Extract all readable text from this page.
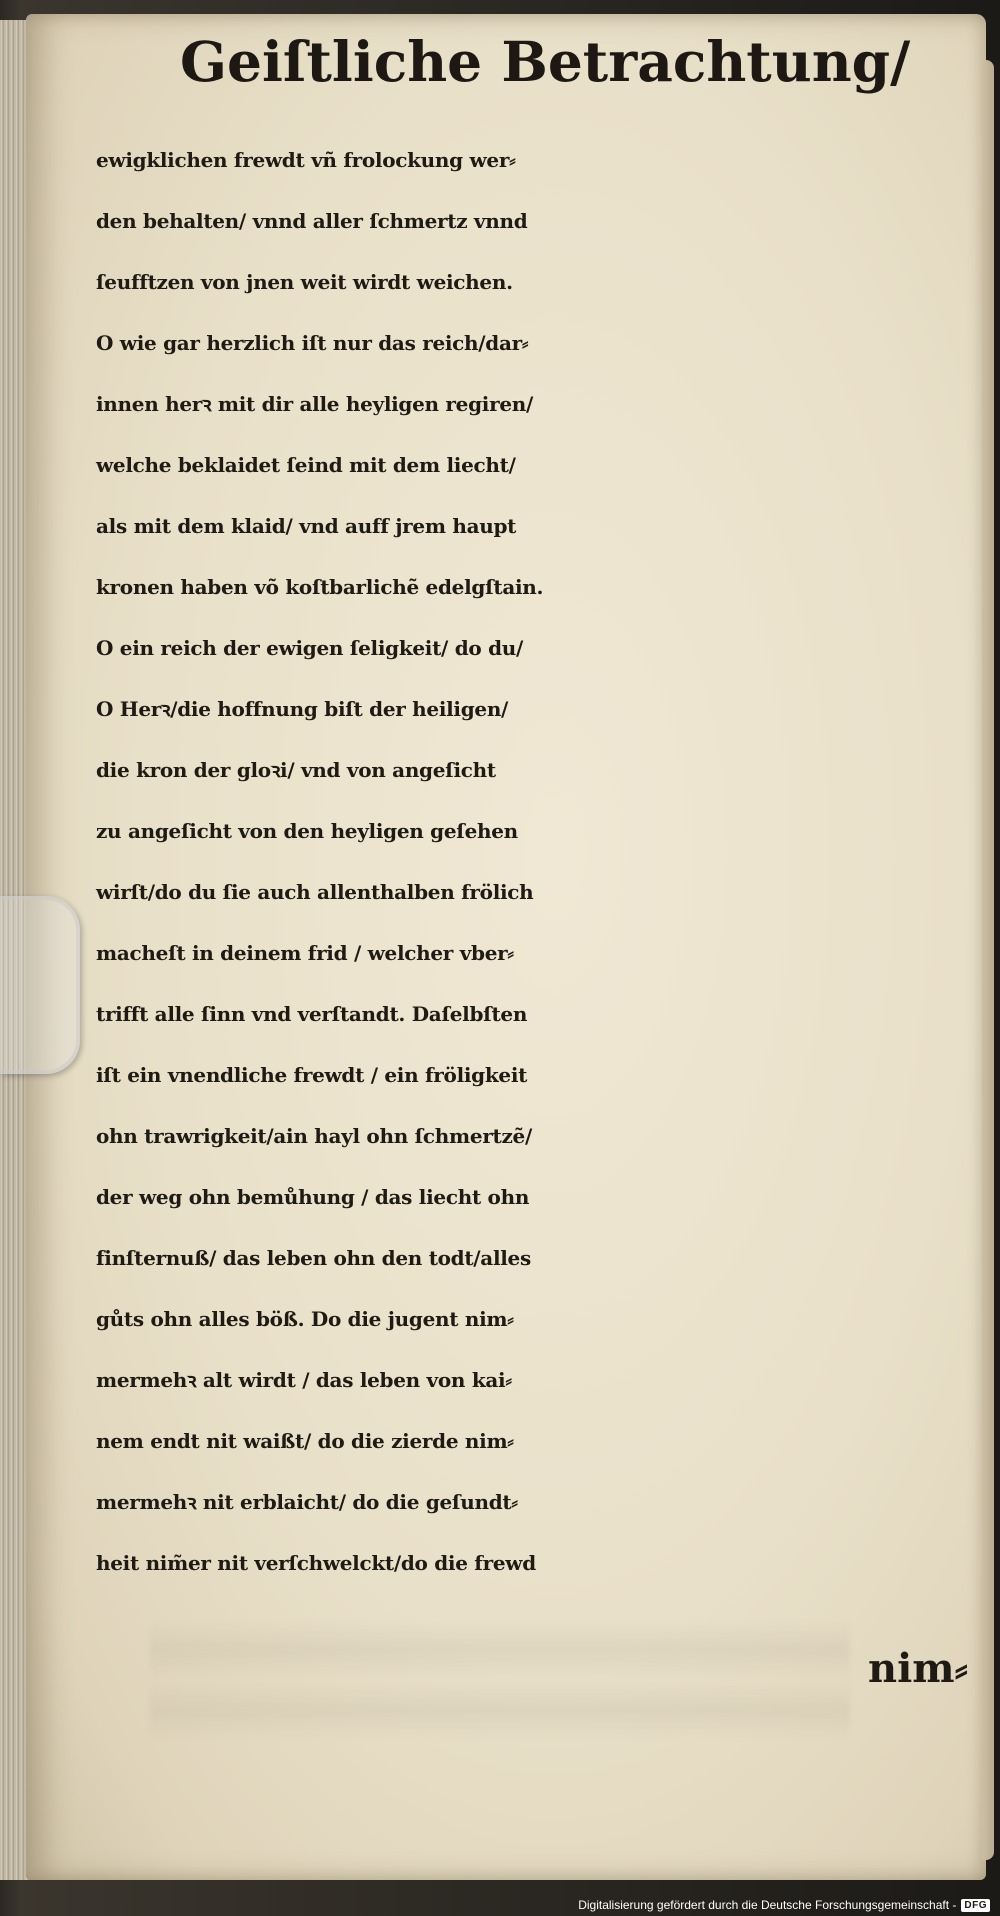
Geiſtliche Betrachtung/
ewigklichen frewdt vñ frolockung wer⸗
den behalten/ vnnd aller ſchmertz vnnd
ſeufftzen von jnen weit wirdt weichen.
O wie gar herzlich iſt nur das reich/dar⸗
innen herꝛ mit dir alle heyligen regiren/
welche beklaidet ſeind mit dem liecht/
als mit dem klaid/ vnd auff jrem haupt
kronen haben võ koſtbarlichẽ edelgſtain.
O ein reich der ewigen ſeligkeit/ do du/
O Herꝛ/die hoffnung biſt der heiligen/
die kron der gloꝛi/ vnd von angeſicht
zu angeſicht von den heyligen geſehen
wirſt/do du ſie auch allenthalben frölich
macheſt in deinem frid / welcher vber⸗
trifft alle ſinn vnd verſtandt. Daſelbſten
iſt ein vnendliche frewdt / ein fröligkeit
ohn trawrigkeit/ain hayl ohn ſchmertzẽ/
der weg ohn bemůhung / das liecht ohn
finſternuß/ das leben ohn den todt/alles
gůts ohn alles böß. Do die jugent nim⸗
mermehꝛ alt wirdt / das leben von kai⸗
nem endt nit waißt/ do die zierde nim⸗
mermehꝛ nit erblaicht/ do die geſundt⸗
heit nim̃er nit verſchwelckt/do die frewd
nim⸗
Digitalisierung gefördert durch die Deutsche Forschungsgemeinschaft - DFG
